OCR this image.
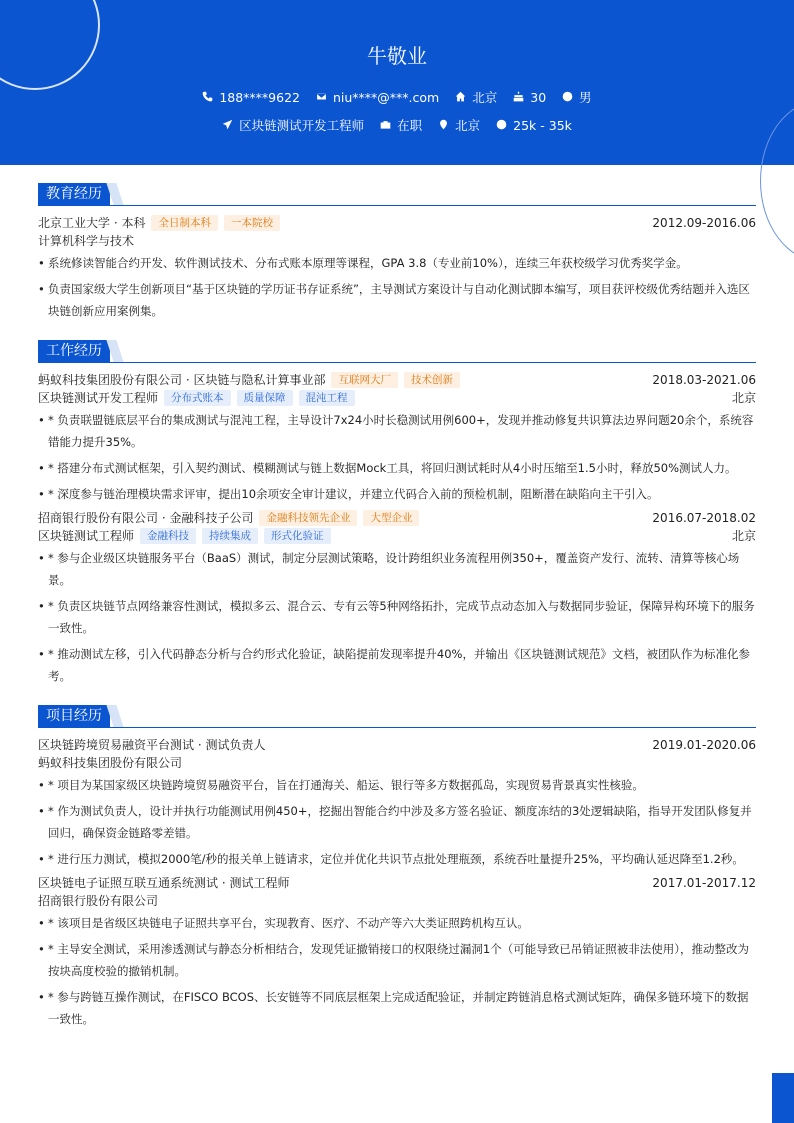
牛敬业
188****9622	niu****@***.com	北京	30	男
区块链测试开发工程师	在职	北京	25k - 35k
教育经历
北京工业大学 · 本科	全日制本科	一本院校	2012.09-2016.06
计算机科学与技术
• 系统修读智能合约开发、软件测试技术、分布式账本原理等课程，GPA 3.8（专业前10%），连续三年获校级学习优秀奖学金。
• 负责国家级大学生创新项目“基于区块链的学历证书存证系统”，主导测试方案设计与自动化测试脚本编写，项目获评校级优秀结题并入选区块链创新应用案例集。
工作经历
蚂蚁科技集团股份有限公司 · 区块链与隐私计算事业部	互联网大厂	技术创新	2018.03-2021.06
区块链测试开发工程师	分布式账本	质量保障	混沌工程	北京
• * 负责联盟链底层平台的集成测试与混沌工程，主导设计7x24小时长稳测试用例600+，发现并推动修复共识算法边界问题20余个，系统容错能力提升35%。
• * 搭建分布式测试框架，引入契约测试、模糊测试与链上数据Mock工具，将回归测试耗时从4小时压缩至1.5小时，释放50%测试人力。
• * 深度参与链治理模块需求评审，提出10余项安全审计建议，并建立代码合入前的预检机制，阻断潜在缺陷向主干引入。
招商银行股份有限公司 · 金融科技子公司	金融科技领先企业	大型企业	2016.07-2018.02
区块链测试工程师	金融科技	持续集成	形式化验证	北京
• * 参与企业级区块链服务平台（BaaS）测试，制定分层测试策略，设计跨组织业务流程用例350+，覆盖资产发行、流转、清算等核心场景。
• * 负责区块链节点网络兼容性测试，模拟多云、混合云、专有云等5种网络拓扑，完成节点动态加入与数据同步验证，保障异构环境下的服务一致性。
• * 推动测试左移，引入代码静态分析与合约形式化验证，缺陷提前发现率提升40%，并输出《区块链测试规范》文档，被团队作为标准化参考。
项目经历
区块链跨境贸易融资平台测试 · 测试负责人	2019.01-2020.06
蚂蚁科技集团股份有限公司
• * 项目为某国家级区块链跨境贸易融资平台，旨在打通海关、船运、银行等多方数据孤岛，实现贸易背景真实性核验。
• * 作为测试负责人，设计并执行功能测试用例450+，挖掘出智能合约中涉及多方签名验证、额度冻结的3处逻辑缺陷，指导开发团队修复并回归，确保资金链路零差错。
• * 进行压力测试，模拟2000笔/秒的报关单上链请求，定位并优化共识节点批处理瓶颈，系统吞吐量提升25%，平均确认延迟降至1.2秒。
区块链电子证照互联互通系统测试 · 测试工程师	2017.01-2017.12
招商银行股份有限公司
• * 该项目是省级区块链电子证照共享平台，实现教育、医疗、不动产等六大类证照跨机构互认。
• * 主导安全测试，采用渗透测试与静态分析相结合，发现凭证撤销接口的权限绕过漏洞1个（可能导致已吊销证照被非法使用），推动整改为按块高度校验的撤销机制。
• * 参与跨链互操作测试，在FISCO BCOS、长安链等不同底层框架上完成适配验证，并制定跨链消息格式测试矩阵，确保多链环境下的数据一致性。
